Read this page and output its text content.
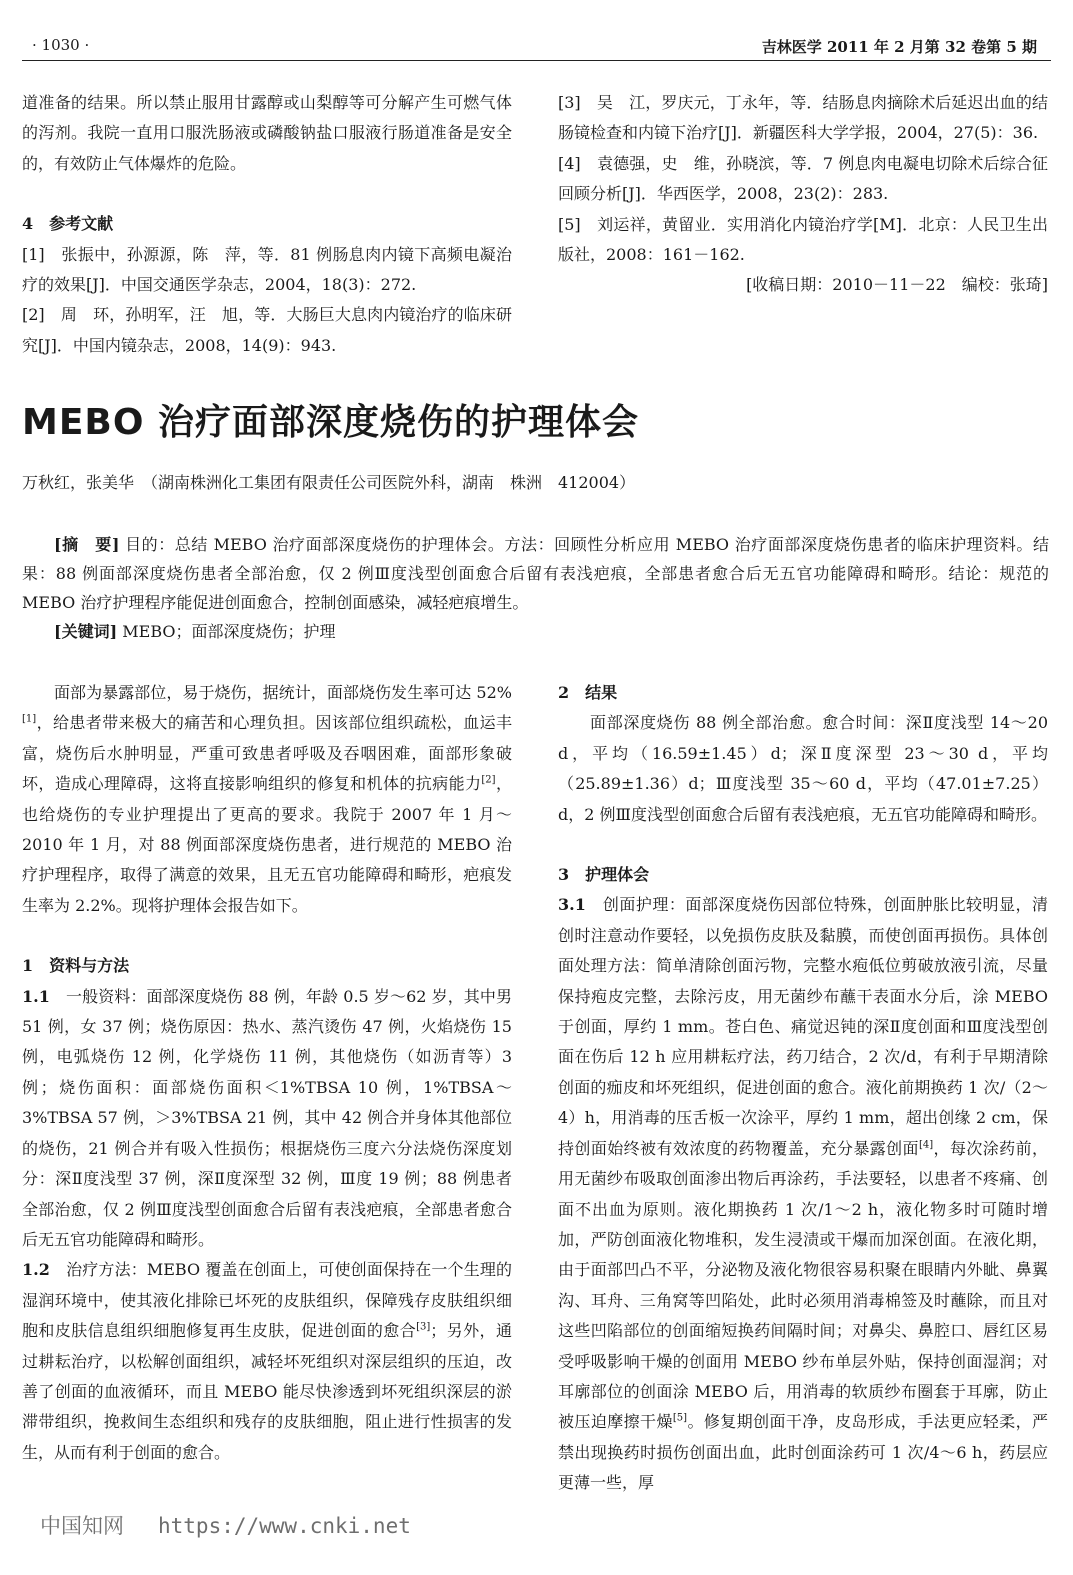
· 1030 ·	吉林医学 2011 年 2 月第 32 卷第 5 期

道准备的结果。所以禁止服用甘露醇或山梨醇等可分解产生可燃气体的泻剂。我院一直用口服洗肠液或磷酸钠盐口服液行肠道准备是安全的，有效防止气体爆炸的危险。

4　参考文献

[1]　张振中，孙源源，陈　萍，等．81 例肠息肉内镜下高频电凝治疗的效果[J]．中国交通医学杂志，2004，18(3)：272.

[2]　周　环，孙明军，汪　旭，等．大肠巨大息肉内镜治疗的临床研究[J]．中国内镜杂志，2008，14(9)：943.

[3]　吴　江，罗庆元，丁永年，等．结肠息肉摘除术后延迟出血的结肠镜检查和内镜下治疗[J]．新疆医科大学学报，2004，27(5)：36.

[4]　袁德强，史　维，孙晓滨，等．7 例息肉电凝电切除术后综合征回顾分析[J]．华西医学，2008，23(2)：283.

[5]　刘运祥，黄留业．实用消化内镜治疗学[M]．北京：人民卫生出版社，2008：161－162.

[收稿日期：2010－11－22　编校：张琦]

MEBO 治疗面部深度烧伤的护理体会
万秋红，张美华　（湖南株洲化工集团有限责任公司医院外科，湖南　株洲　412004）

[摘　要] 目的：总结 MEBO 治疗面部深度烧伤的护理体会。方法：回顾性分析应用 MEBO 治疗面部深度烧伤患者的临床护理资料。结果：88 例面部深度烧伤患者全部治愈，仅 2 例Ⅲ度浅型创面愈合后留有表浅疤痕，全部患者愈合后无五官功能障碍和畸形。结论：规范的 MEBO 治疗护理程序能促进创面愈合，控制创面感染，减轻疤痕增生。

[关键词] MEBO；面部深度烧伤；护理

面部为暴露部位，易于烧伤，据统计，面部烧伤发生率可达 52%[1]，给患者带来极大的痛苦和心理负担。因该部位组织疏松，血运丰富，烧伤后水肿明显，严重可致患者呼吸及吞咽困难，面部形象破坏，造成心理障碍，这将直接影响组织的修复和机体的抗病能力[2]，也给烧伤的专业护理提出了更高的要求。我院于 2007 年 1 月～2010 年 1 月，对 88 例面部深度烧伤患者，进行规范的 MEBO 治疗护理程序，取得了满意的效果，且无五官功能障碍和畸形，疤痕发生率为 2.2%。现将护理体会报告如下。

1　资料与方法

1.1　一般资料：面部深度烧伤 88 例，年龄 0.5 岁～62 岁，其中男 51 例，女 37 例；烧伤原因：热水、蒸汽烫伤 47 例，火焰烧伤 15 例，电弧烧伤 12 例，化学烧伤 11 例，其他烧伤（如沥青等）3 例；烧伤面积：面部烧伤面积＜1%TBSA 10 例，1%TBSA～3%TBSA 57 例，＞3%TBSA 21 例，其中 42 例合并身体其他部位的烧伤，21 例合并有吸入性损伤；根据烧伤三度六分法烧伤深度划分：深Ⅱ度浅型 37 例，深Ⅱ度深型 32 例，Ⅲ度 19 例；88 例患者全部治愈，仅 2 例Ⅲ度浅型创面愈合后留有表浅疤痕，全部患者愈合后无五官功能障碍和畸形。

1.2　治疗方法：MEBO 覆盖在创面上，可使创面保持在一个生理的湿润环境中，使其液化排除已坏死的皮肤组织，保障残存皮肤组织细胞和皮肤信息组织细胞修复再生皮肤，促进创面的愈合[3]；另外，通过耕耘治疗，以松解创面组织，减轻坏死组织对深层组织的压迫，改善了创面的血液循环，而且 MEBO 能尽快渗透到坏死组织深层的淤滞带组织，挽救间生态组织和残存的皮肤细胞，阻止进行性损害的发生，从而有利于创面的愈合。

2　结果

面部深度烧伤 88 例全部治愈。愈合时间：深Ⅱ度浅型 14～20 d，平均（16.59±1.45）d；深Ⅱ度深型 23～30 d，平均（25.89±1.36）d；Ⅲ度浅型 35～60 d，平均（47.01±7.25）d，2 例Ⅲ度浅型创面愈合后留有表浅疤痕，无五官功能障碍和畸形。

3　护理体会

3.1　创面护理：面部深度烧伤因部位特殊，创面肿胀比较明显，清创时注意动作要轻，以免损伤皮肤及黏膜，而使创面再损伤。具体创面处理方法：简单清除创面污物，完整水疱低位剪破放液引流，尽量保持疱皮完整，去除污皮，用无菌纱布蘸干表面水分后，涂 MEBO 于创面，厚约 1 mm。苍白色、痛觉迟钝的深Ⅱ度创面和Ⅲ度浅型创面在伤后 12 h 应用耕耘疗法，药刀结合，2 次/d，有利于早期清除创面的痂皮和坏死组织，促进创面的愈合。液化前期换药 1 次/（2～4）h，用消毒的压舌板一次涂平，厚约 1 mm，超出创缘 2 cm，保持创面始终被有效浓度的药物覆盖，充分暴露创面[4]，每次涂药前，用无菌纱布吸取创面渗出物后再涂药，手法要轻，以患者不疼痛、创面不出血为原则。液化期换药 1 次/1～2 h，液化物多时可随时增加，严防创面液化物堆积，发生浸渍或干爆而加深创面。在液化期，由于面部凹凸不平，分泌物及液化物很容易积聚在眼睛内外眦、鼻翼沟、耳舟、三角窝等凹陷处，此时必须用消毒棉签及时蘸除，而且对这些凹陷部位的创面缩短换药间隔时间；对鼻尖、鼻腔口、唇红区易受呼吸影响干燥的创面用 MEBO 纱布单层外贴，保持创面湿润；对耳廓部位的创面涂 MEBO 后，用消毒的软质纱布圈套于耳廓，防止被压迫摩擦干燥[5]。修复期创面干净，皮岛形成，手法更应轻柔，严禁出现换药时损伤创面出血，此时创面涂药可 1 次/4～6 h，药层应更薄一些，厚

中国知网 https://www.cnki.net
